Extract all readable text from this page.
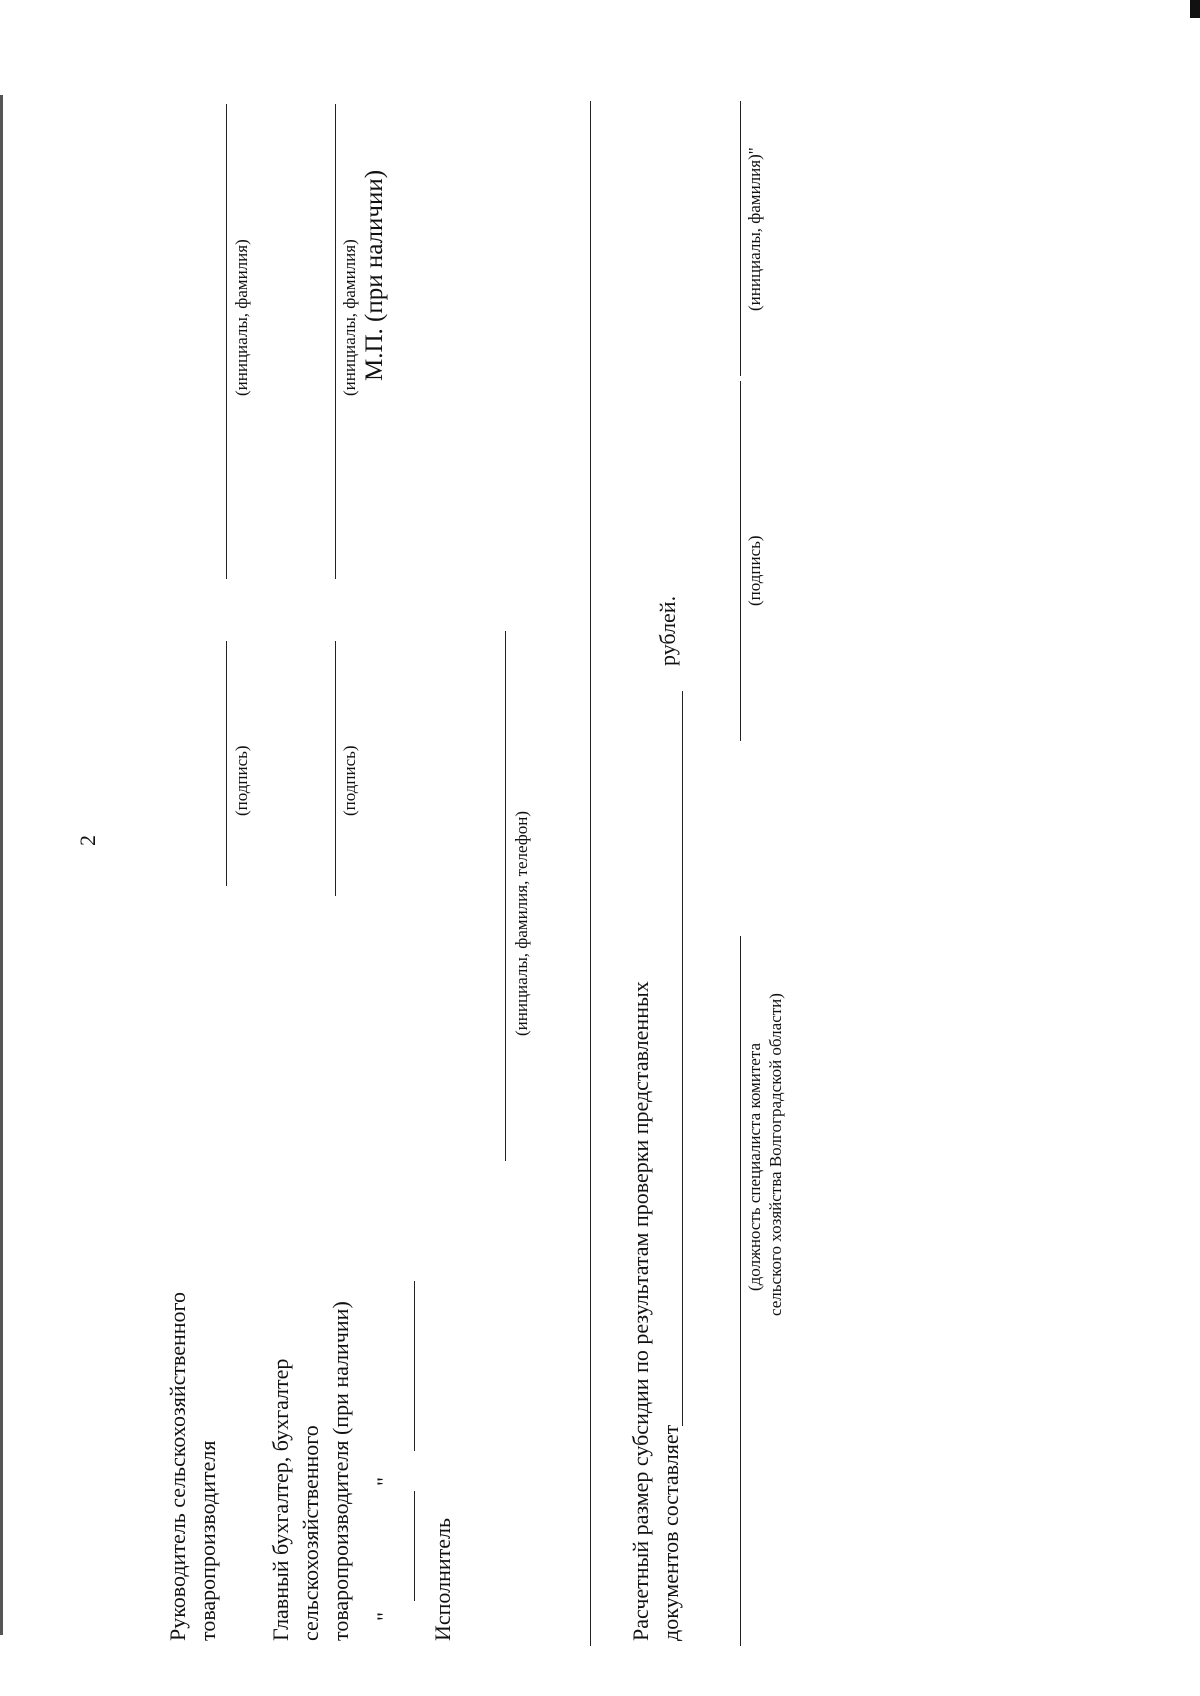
2
Руководитель сельскохозяйственного товаропроизводителя
(подпись)
(инициалы, фамилия)
Главный бухгалтер, бухгалтер сельскохозяйственного товаропроизводителя (при наличии)
(подпись)
(инициалы, фамилия) М.П. (при наличии)
"
"
Исполнитель
(инициалы, фамилия, телефон)
Расчетный размер субсидии по результатам проверки представленных документов составляет
рублей.
(должность специалиста комитета сельского хозяйства Волгоградской области)
(подпись)
(инициалы, фамилия)"
